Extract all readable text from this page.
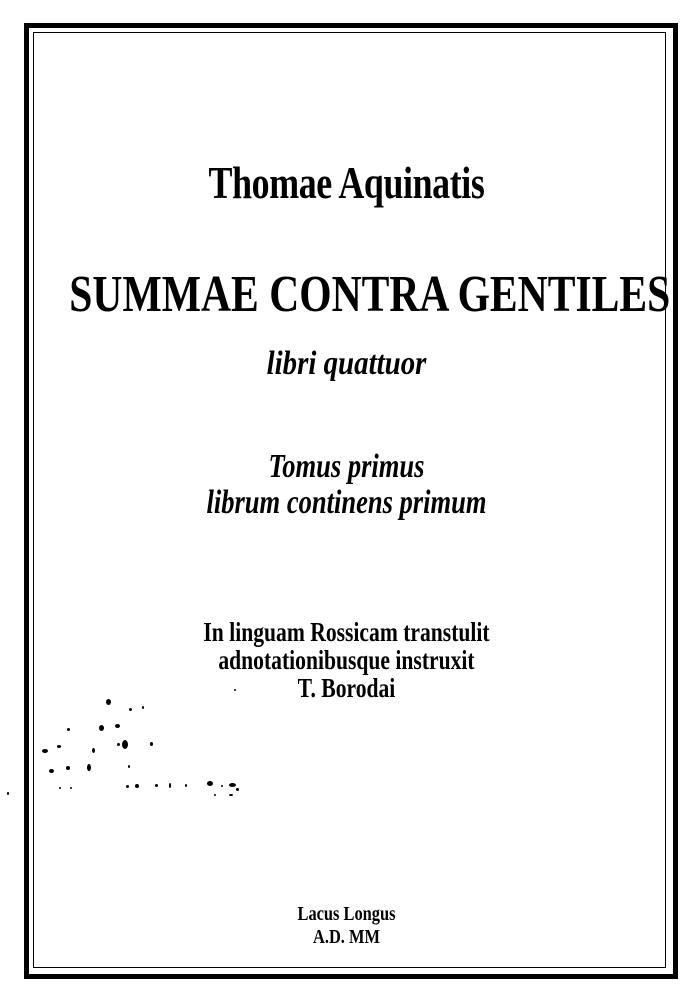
Thomae Aquinatis
SUMMAE CONTRA GENTILES
libri quattuor
Tomus primus
librum continens primum
In linguam Rossicam transtulit
adnotationibusque instruxit
T. Borodai
Lacus Longus
A.D. MM
